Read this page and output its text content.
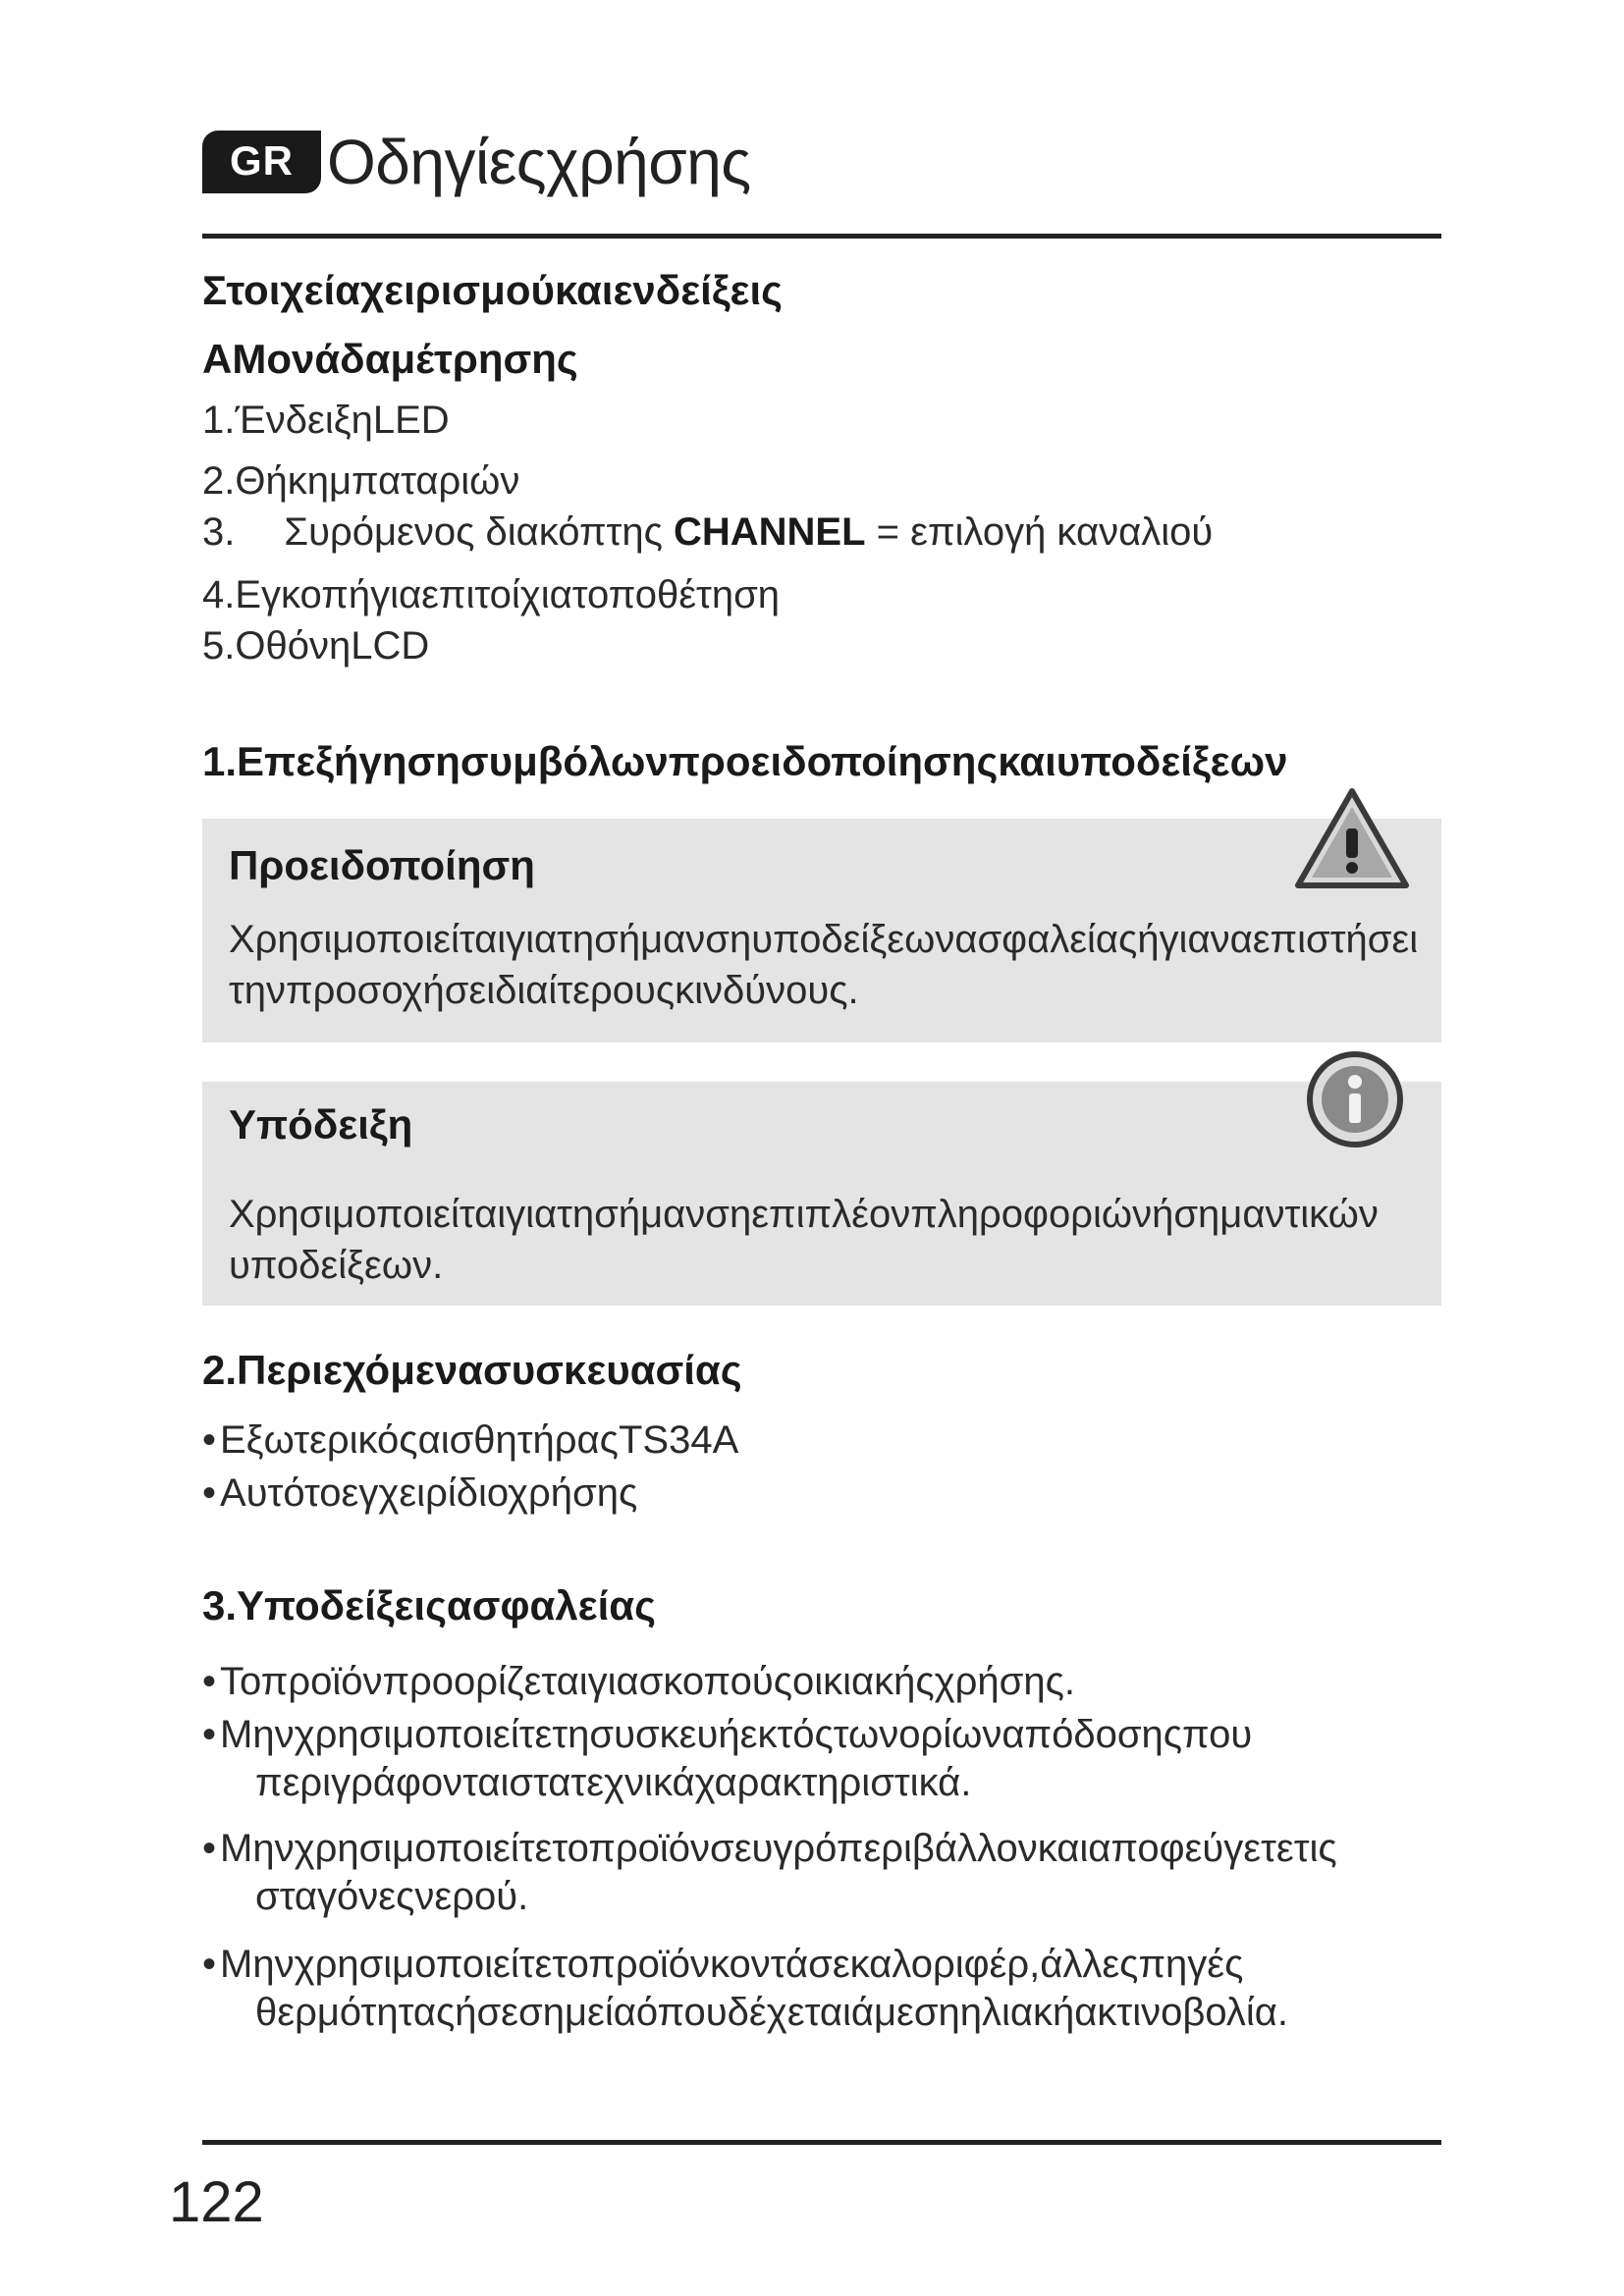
GR Οδηγίεςχρήσης
Στοιχείαχειρισμούκαιενδείξεις
ΑΜονάδαμέτρησης
1.ΈνδειξηLED
2.Θήκημπαταριών
3. Συρόμενος διακόπτης CHANNEL = επιλογή καναλιού
4.Εγκοπήγιαεπιτοίχιατοποθέτηση
5.ΟθόνηLCD
1.Επεξήγησησυμβόλωνπροειδοποίησηςκαιυποδείξεων
Προειδοποίηση
Χρησιμοποιείταιγιατησήμανσηυποδείξεωνασφαλείαςήγιαναεπιστήσει
τηνπροσοχήσειδιαίτερουςκινδύνους.
Υπόδειξη
Χρησιμοποιείταιγιατησήμανσηεπιπλέονπληροφοριώνήσημαντικών
υποδείξεων.
2.Περιεχόμενασυσκευασίας
•ΕξωτερικόςαισθητήραςTS34A
•Αυτότοεγχειρίδιοχρήσης
3.Υποδείξειςασφαλείας
•Τοπροϊόνπροορίζεταιγιασκοπούςοικιακήςχρήσης.
•Μηνχρησιμοποιείτετησυσκευήεκτόςτωνορίωναπόδοσηςπου
περιγράφονταιστατεχνικάχαρακτηριστικά.
•Μηνχρησιμοποιείτετοπροϊόνσευγρόπεριβάλλονκαιαποφεύγετετις
σταγόνεςνερού.
•Μηνχρησιμοποιείτετοπροϊόνκοντάσεκαλοριφέρ,άλλεςπηγές
θερμότηταςήσεσημείαόπουδέχεταιάμεσηηλιακήακτινοβολία.
122
